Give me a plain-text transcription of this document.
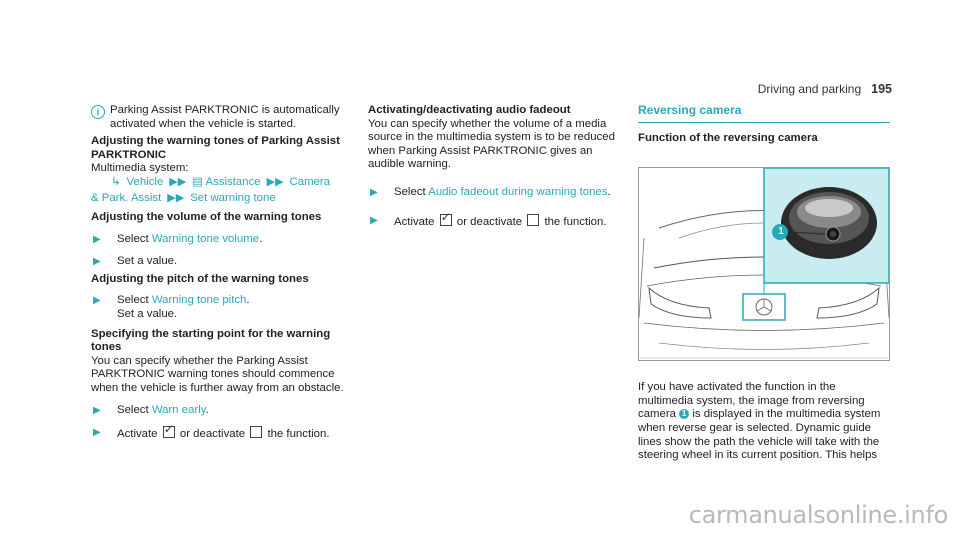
Driving and parking 195
i Parking Assist PARKTRONIC is automatically activated when the vehicle is started.

Adjusting the warning tones of Parking Assist PARKTRONIC

Multimedia system:

↳ Vehicle ▶▶ ▤ Assistance ▶▶ Camera

& Park. Assist ▶▶ Set warning tone

Adjusting the volume of the warning tones

▶	Select Warning tone volume.
▶	Set a value.

Adjusting the pitch of the warning tones

▶	Select Warning tone pitch.
Set a value.

Specifying the starting point for the warning tones

You can specify whether the Parking Assist PARKTRONIC warning tones should commence when the vehicle is further away from an obstacle.

▶	Select Warn early.
▶	Activate ✓ or deactivate the function.

Activating/deactivating audio fadeout

You can specify whether the volume of a media source in the multimedia system is to be reduced when Parking Assist PARKTRONIC gives an audible warning.

▶	Select Audio fadeout during warning tones.
▶	Activate ✓ or deactivate the function.
Reversing camera

Function of the reversing camera

1

If you have activated the function in the multimedia system, the image from reversing camera 1 is displayed in the multimedia system when reverse gear is selected. Dynamic guide lines show the path the vehicle will take with the steering wheel in its current position. This helps

carmanualsonline.info
